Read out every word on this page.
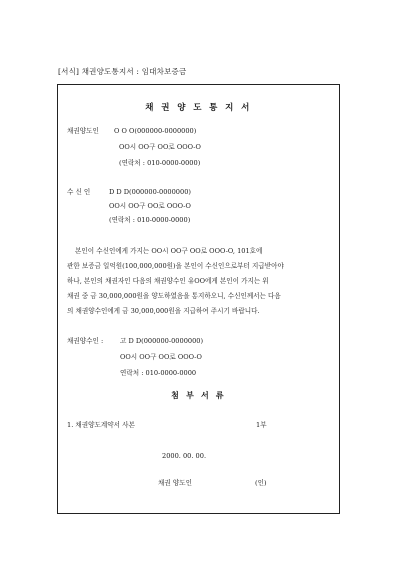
[서식] 채권양도통지서 : 임대차보증금
채 권 양 도 통 지 서
채권양도인 O O O(000000-0000000)
OO시 OO구 OO로 OOO-O
(연락처 : 010-0000-0000)
수 신 인	D D D(000000-0000000)
OO시 OO구 OO로 OOO-O
(연락처 : 010-0000-0000)
본인이 수신인에게 가지는 OO시 OO구 OO로 OOO-O, 101호에
관한 보증금 일억원(100,000,000원)을 본인이 수신인으로부터 지급받아야
하나, 본인의 채권자인 다음의 채권양수인 유OO에게 본인이 가지는 위
채권 중 금 30,000,000원을 양도하였음을 통지하오니, 수신인께서는 다음
의 채권양수인에게 금 30,000,000원을 지급하여 주시기 바랍니다.
채권양수인 :	고 D D(000000-0000000)
OO시 OO구 OO로 OOO-O
연락처 : 010-0000-0000
첨 부 서 류
1. 채권양도계약서 사본	1부
2000. 00. 00.
채권 양도인	(인)
